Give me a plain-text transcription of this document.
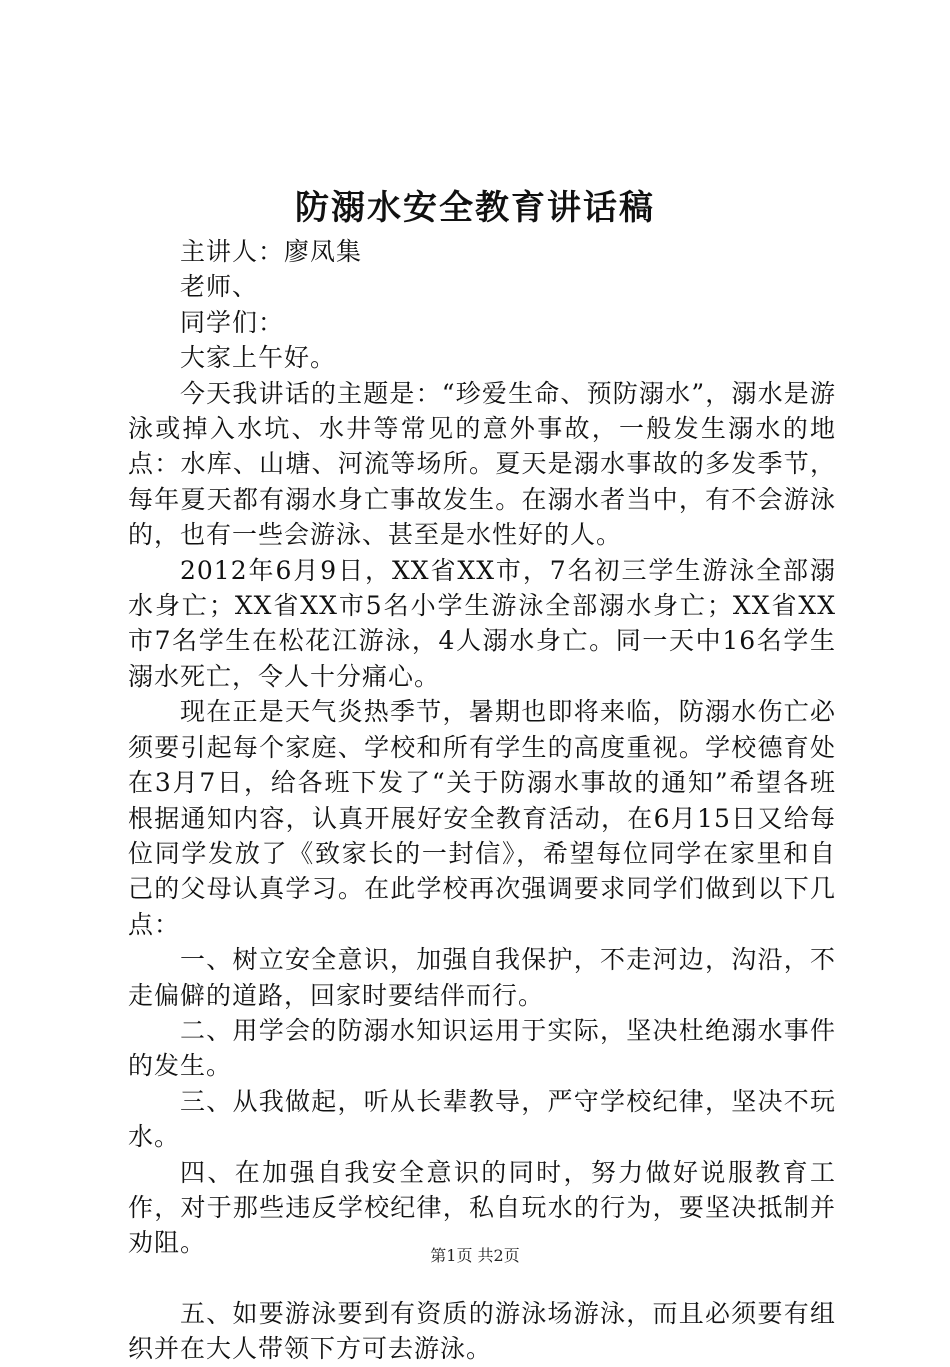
防溺水安全教育讲话稿

主讲人：廖凤集

老师、

同学们：

大家上午好。

今天我讲话的主题是：“珍爱生命、预防溺水”，溺水是游泳或掉入水坑、水井等常见的意外事故，一般发生溺水的地点：水库、山塘、河流等场所。夏天是溺水事故的多发季节，每年夏天都有溺水身亡事故发生。在溺水者当中，有不会游泳的，也有一些会游泳、甚至是水性好的人。

2012年6月9日，XX省XX市，7名初三学生游泳全部溺水身亡；XX省XX市5名小学生游泳全部溺水身亡；XX省XX市7名学生在松花江游泳，4人溺水身亡。同一天中16名学生溺水死亡，令人十分痛心。

现在正是天气炎热季节，暑期也即将来临，防溺水伤亡必须要引起每个家庭、学校和所有学生的高度重视。学校德育处在3月7日，给各班下发了“关于防溺水事故的通知”希望各班根据通知内容，认真开展好安全教育活动，在6月15日又给每位同学发放了《致家长的一封信》，希望每位同学在家里和自己的父母认真学习。在此学校再次强调要求同学们做到以下几点：

一、树立安全意识，加强自我保护，不走河边，沟沿，不走偏僻的道路，回家时要结伴而行。

二、用学会的防溺水知识运用于实际，坚决杜绝溺水事件的发生。

三、从我做起，听从长辈教导，严守学校纪律，坚决不玩水。

四、在加强自我安全意识的同时，努力做好说服教育工作，对于那些违反学校纪律，私自玩水的行为，要坚决抵制并劝阻。

五、如要游泳要到有资质的游泳场游泳，而且必须要有组织并在大人带领下方可去游泳。

第1页 共2页
